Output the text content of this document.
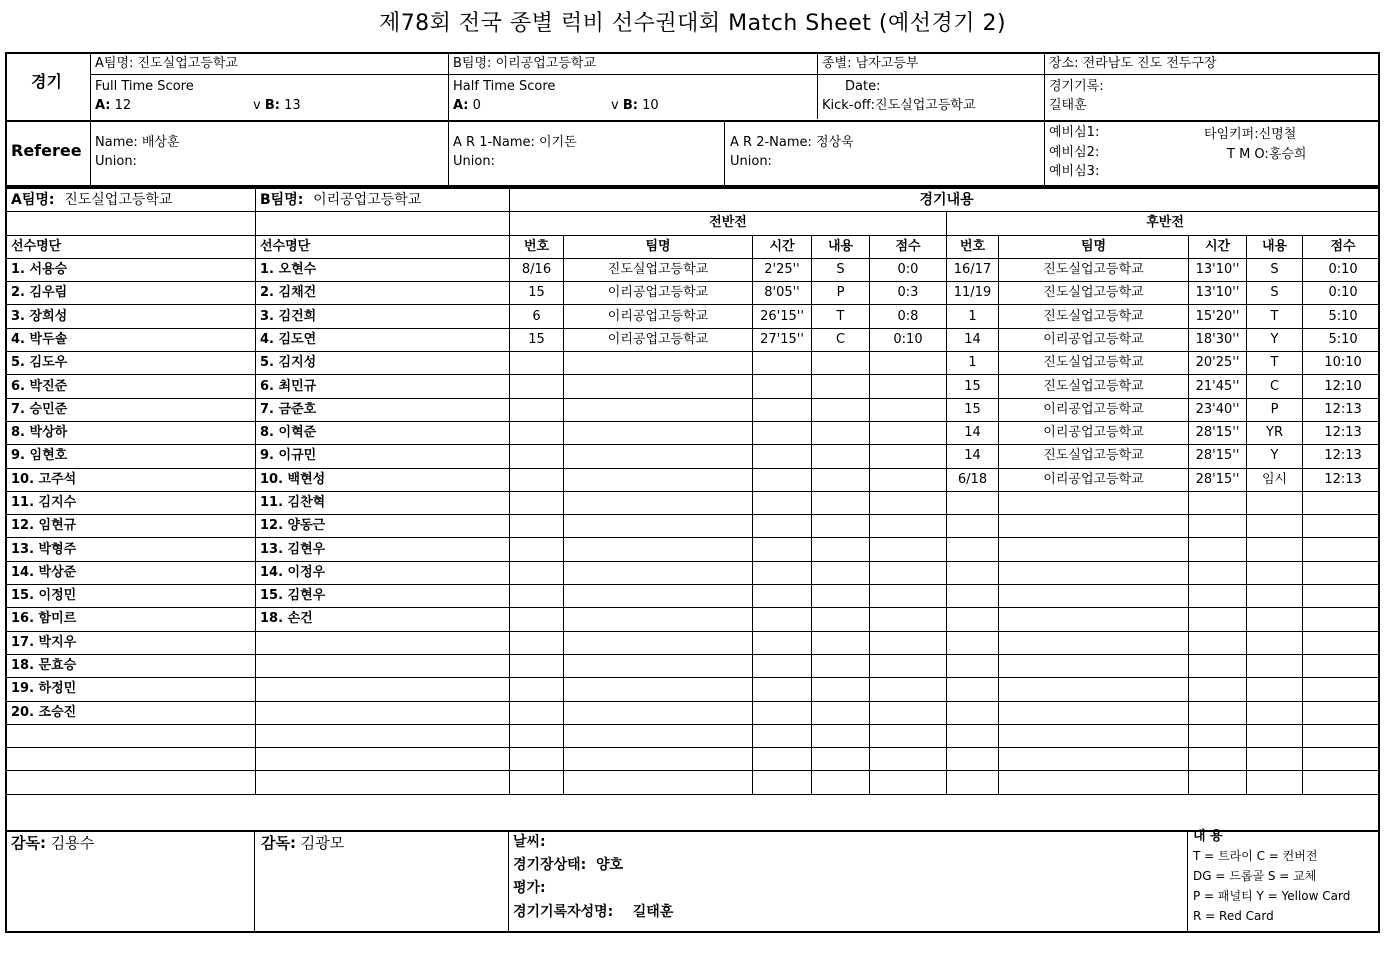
제78회 전국 종별 럭비 선수권대회 Match Sheet (예선경기 2)
경기
A팀명: 진도실업고등학교	B팀명: 이리공업고등학교	종별: 남자고등부	장소: 전라남도 진도 전두구장
Full Time Score
A: 12	v B: 13
Half Time Score
A: 0	v B: 10
Date:
Kick-off:진도실업고등학교
경기기록:
길태훈
Referee Name: 배상훈
Union:
A R 1-Name: 이기돈
Union:
A R 2-Name: 정상욱
Union:
예비심1:
예비심2:
예비심3:
타임키퍼:신명철
T M O:홍승희
A팀명: 진도실업고등학교	B팀명: 이리공업고등학교

선수명단	선수명단
1. 서용승	1. 오현수
2. 김우림	2. 김채건
3. 장희성	3. 김건희
4. 박두솔	4. 김도연
5. 김도우	5. 김지성
6. 박진준	6. 최민규
7. 승민준	7. 금준호
8. 박상하	8. 이혁준
9. 임현호	9. 이규민
10. 고주석	10. 백현성
11. 김지수	11. 김찬혁
12. 임현규	12. 양동근
13. 박형주	13. 김현우
14. 박상준	14. 이정우
15. 이정민	15. 김현우
16. 함미르	18. 손건
17. 박지우	
18. 문효승	
19. 하정민	
20. 조승진	

경기내용									
전반전					후반전				
번호	팀명	시간	내용	점수	번호	팀명	시간	내용	점수
8/16	진도실업고등학교	2'25''	S	0:0	16/17	진도실업고등학교	13'10''	S	0:10
15	이리공업고등학교	8'05''	P	0:3	11/19	진도실업고등학교	13'10''	S	0:10
6	이리공업고등학교	26'15''	T	0:8	1	진도실업고등학교	15'20''	T	5:10
15	이리공업고등학교	27'15''	C	0:10	14	이리공업고등학교	18'30''	Y	5:10
					1	진도실업고등학교	20'25''	T	10:10
					15	진도실업고등학교	21'45''	C	12:10
					15	이리공업고등학교	23'40''	P	12:13
					14	이리공업고등학교	28'15''	YR	12:13
					14	진도실업고등학교	28'15''	Y	12:13
					6/18	이리공업고등학교	28'15''	임시	12:13

감독: 김용수	감독: 김광모	날씨:
경기장상태: 양호
평가:
경기기록자성명: 길태훈
내 용
T = 트라이 C = 컨버전
DG = 드롭골 S = 교체
P = 패널티 Y = Yellow Card
R = Red Card
